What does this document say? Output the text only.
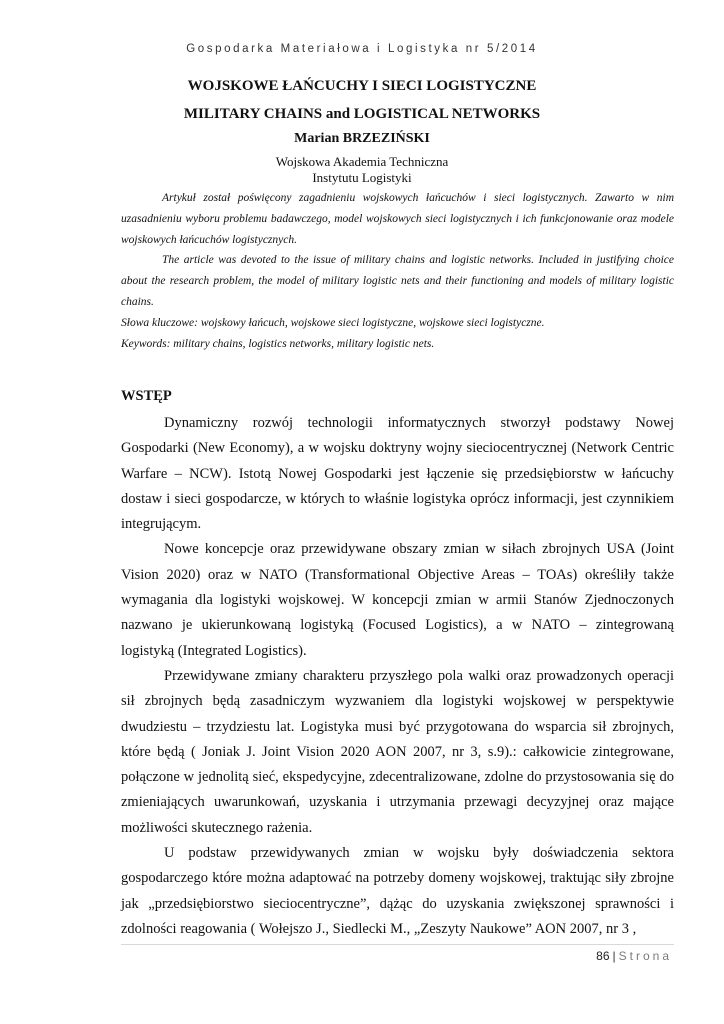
Gospodarka Materiałowa i Logistyka nr 5/2014

WOJSKOWE ŁAŃCUCHY I SIECI LOGISTYCZNE

MILITARY CHAINS and LOGISTICAL NETWORKS

Marian BRZEZIŃSKI

Wojskowa Akademia Techniczna

Instytutu Logistyki

Artykuł został poświęcony zagadnieniu wojskowych łańcuchów i sieci logistycznych. Zawarto w nim uzasadnieniu wyboru problemu badawczego, model wojskowych sieci logistycznych i ich funkcjonowanie oraz modele wojskowych łańcuchów logistycznych.

The article was devoted to the issue of military chains and logistic networks. Included in justifying choice about the research problem, the model of military logistic nets and their functioning and models of military logistic chains.

Słowa kluczowe: wojskowy łańcuch, wojskowe sieci logistyczne, wojskowe sieci logistyczne.

Keywords: military chains, logistics networks, military logistic nets.

WSTĘP

Dynamiczny rozwój technologii informatycznych stworzył podstawy Nowej Gospodarki (New Economy), a w wojsku doktryny wojny sieciocentrycznej (Network Centric Warfare – NCW). Istotą Nowej Gospodarki jest łączenie się przedsiębiorstw w łańcuchy dostaw i sieci gospodarcze, w których to właśnie logistyka oprócz informacji, jest czynnikiem integrującym.

Nowe koncepcje oraz przewidywane obszary zmian w siłach zbrojnych USA (Joint Vision 2020) oraz w NATO (Transformational Objective Areas – TOAs) określiły także wymagania dla logistyki wojskowej. W koncepcji zmian w armii Stanów Zjednoczonych nazwano je ukierunkowaną logistyką (Focused Logistics), a w NATO – zintegrowaną logistyką (Integrated Logistics).

Przewidywane zmiany charakteru przyszłego pola walki oraz prowadzonych operacji sił zbrojnych będą zasadniczym wyzwaniem dla logistyki wojskowej w perspektywie dwudziestu – trzydziestu lat. Logistyka musi być przygotowana do wsparcia sił zbrojnych, które będą ( Joniak J. Joint Vision 2020 AON 2007, nr 3, s.9).: całkowicie zintegrowane, połączone w jednolitą sieć, ekspedycyjne, zdecentralizowane, zdolne do przystosowania się do zmieniających uwarunkowań, uzyskania i utrzymania przewagi decyzyjnej oraz mające możliwości skutecznego rażenia.

U podstaw przewidywanych zmian w wojsku były doświadczenia sektora gospodarczego które można adaptować na potrzeby domeny wojskowej, traktując siły zbrojne jak „przedsiębiorstwo sieciocentryczne”, dążąc do uzyskania zwiększonej sprawności i zdolności reagowania ( Wołejszo J., Siedlecki M., „Zeszyty Naukowe” AON 2007, nr 3 ,

86 | Strona
